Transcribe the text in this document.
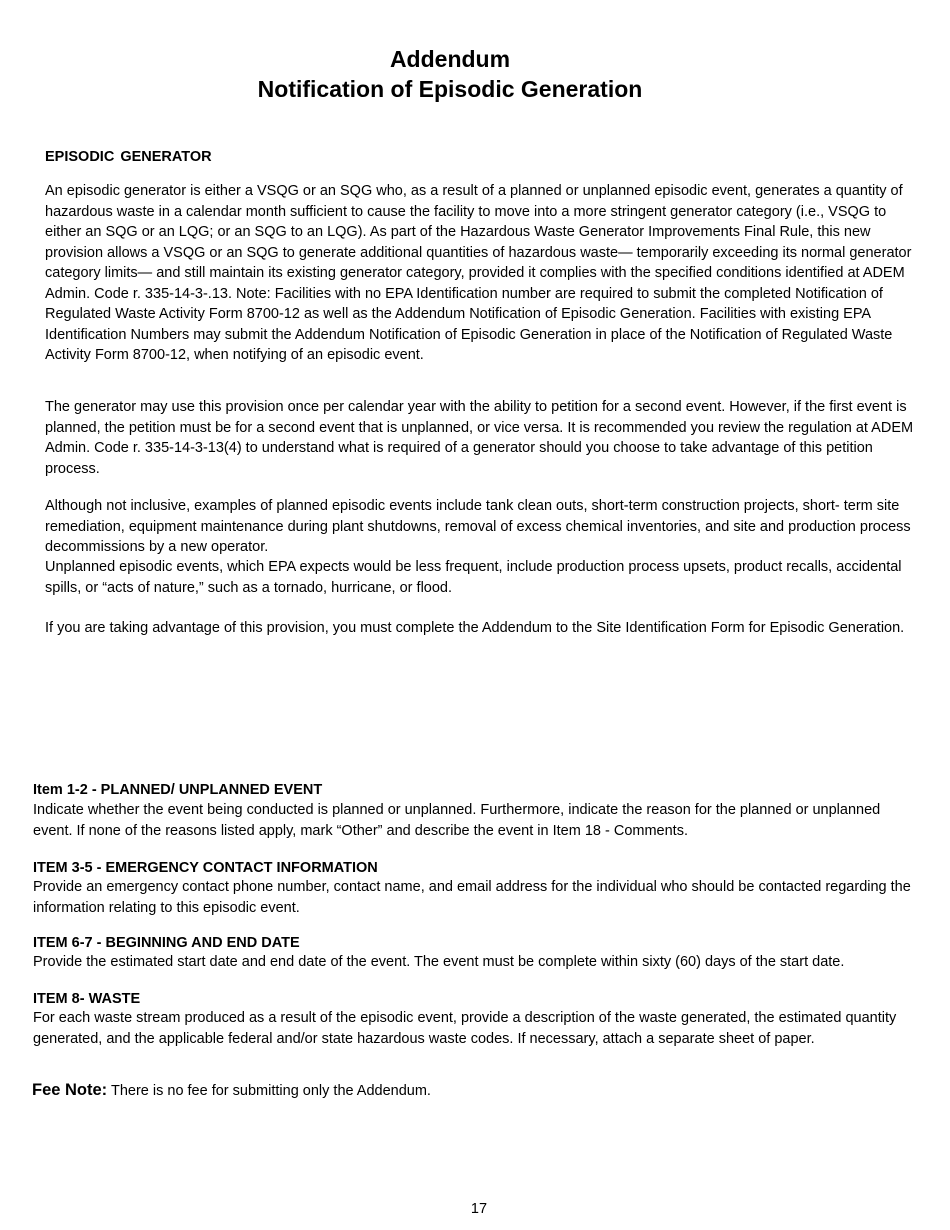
Addendum
Notification of Episodic Generation
EPISODIC GENERATOR

An episodic generator is either a VSQG or an SQG who, as a result of a planned or unplanned episodic event, generates a quantity of hazardous waste in a calendar month sufficient to cause the facility to move into a more stringent generator category (i.e., VSQG to either an SQG or an LQG; or an SQG to an LQG). As part of the Hazardous Waste Generator Improvements Final Rule, this new provision allows a VSQG or an SQG to generate additional quantities of hazardous waste— temporarily exceeding its normal generator category limits— and still maintain its existing generator category, provided it complies with the specified conditions identified at ADEM Admin. Code r. 335-14-3-.13. Note: Facilities with no EPA Identification number are required to submit the completed Notification of Regulated Waste Activity Form 8700-12 as well as the Addendum Notification of Episodic Generation. Facilities with existing EPA Identification Numbers may submit the Addendum Notification of Episodic Generation in place of the Notification of Regulated Waste Activity Form 8700-12, when notifying of an episodic event.

The generator may use this provision once per calendar year with the ability to petition for a second event. However, if the first event is planned, the petition must be for a second event that is unplanned, or vice versa. It is recommended you review the regulation at ADEM Admin. Code r. 335-14-3-13(4) to understand what is required of a generator should you choose to take advantage of this petition process.

Although not inclusive, examples of planned episodic events include tank clean outs, short‐term construction projects, short‐ term site remediation, equipment maintenance during plant shutdowns, removal of excess chemical inventories, and site and production process decommissions by a new operator.

Unplanned episodic events, which EPA expects would be less frequent, include production process upsets, product recalls, accidental spills, or “acts of nature,” such as a tornado, hurricane, or flood.

If you are taking advantage of this provision, you must complete the Addendum to the Site Identification Form for Episodic Generation.

Item 1-2 - PLANNED/ UNPLANNED EVENT

Indicate whether the event being conducted is planned or unplanned. Furthermore, indicate the reason for the planned or unplanned event. If none of the reasons listed apply, mark “Other” and describe the event in Item 18 ‐ Comments.

ITEM 3-5 - EMERGENCY CONTACT INFORMATION

Provide an emergency contact phone number, contact name, and email address for the individual who should be contacted regarding the information relating to this episodic event.

ITEM 6-7 - BEGINNING AND END DATE

Provide the estimated start date and end date of the event. The event must be complete within sixty (60) days of the start date.

ITEM 8- WASTE

For each waste stream produced as a result of the episodic event, provide a description of the waste generated, the estimated quantity generated, and the applicable federal and/or state hazardous waste codes. If necessary, attach a separate sheet of paper.

Fee Note: There is no fee for submitting only the Addendum.
17
